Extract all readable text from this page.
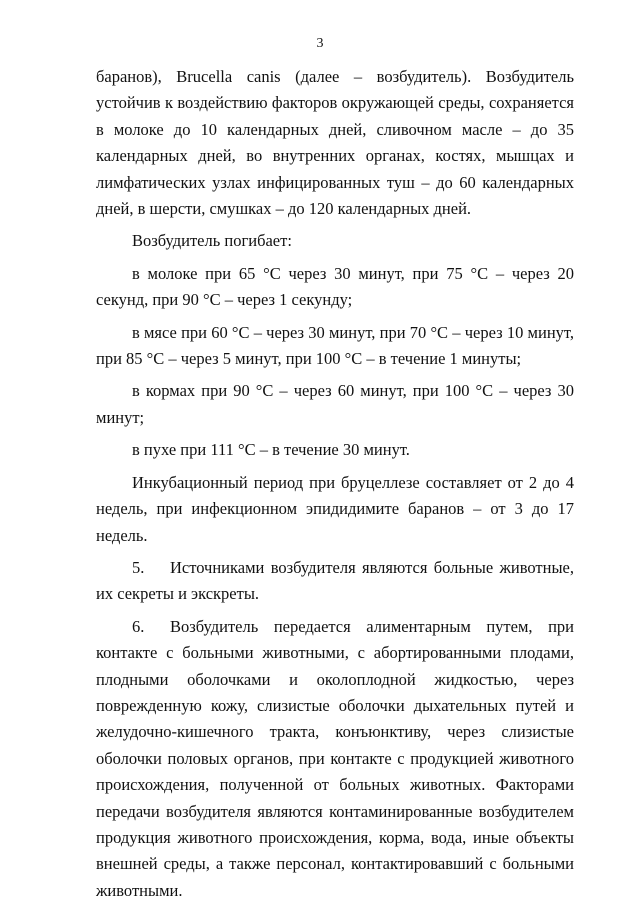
3

баранов), Brucella canis (далее – возбудитель). Возбудитель устойчив к воздействию факторов окружающей среды, сохраняется в молоке до 10 календарных дней, сливочном масле – до 35 календарных дней, во внутренних органах, костях, мышцах и лимфатических узлах инфицированных туш – до 60 календарных дней, в шерсти, смушках – до 120 календарных дней.

Возбудитель погибает:

в молоке при 65 °С через 30 минут, при 75 °С – через 20 секунд, при 90 °С – через 1 секунду;

в мясе при 60 °С – через 30 минут, при 70 °С – через 10 минут, при 85 °С – через 5 минут, при 100 °С – в течение 1 минуты;

в кормах при 90 °С – через 60 минут, при 100 °С – через 30 минут;

в пухе при 111 °С – в течение 30 минут.

Инкубационный период при бруцеллезе составляет от 2 до 4 недель, при инфекционном эпидидимите баранов – от 3 до 17 недель.

5. Источниками возбудителя являются больные животные, их секреты и экскреты.

6. Возбудитель передается алиментарным путем, при контакте с больными животными, с абортированными плодами, плодными оболочками и околоплодной жидкостью, через поврежденную кожу, слизистые оболочки дыхательных путей и желудочно-кишечного тракта, конъюнктиву, через слизистые оболочки половых органов, при контакте с продукцией животного происхождения, полученной от больных животных. Факторами передачи возбудителя являются контаминированные возбудителем продукция животного происхождения, корма, вода, иные объекты внешней среды, а также персонал, контактировавший с больными животными.
